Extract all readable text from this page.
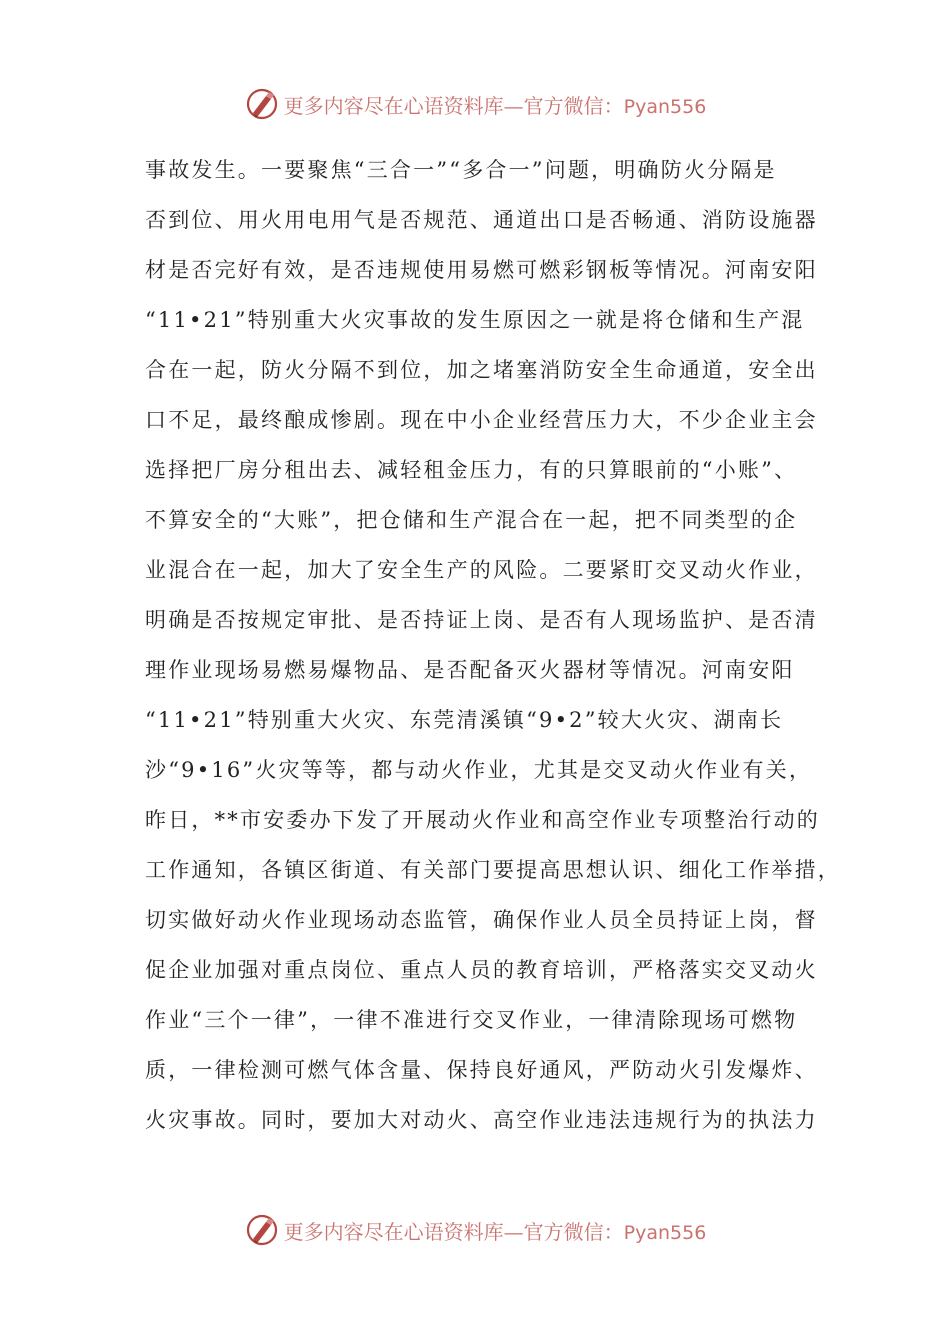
更多内容尽在心语资料库—官方微信：Pyan556
事故发生。一要聚焦“三合一”“多合一”问题，明确防火分隔是
否到位、用火用电用气是否规范、通道出口是否畅通、消防设施器
材是否完好有效，是否违规使用易燃可燃彩钢板等情况。河南安阳
“11•21”特别重大火灾事故的发生原因之一就是将仓储和生产混
合在一起，防火分隔不到位，加之堵塞消防安全生命通道，安全出
口不足，最终酿成惨剧。现在中小企业经营压力大，不少企业主会
选择把厂房分租出去、减轻租金压力，有的只算眼前的“小账”、
不算安全的“大账”，把仓储和生产混合在一起，把不同类型的企
业混合在一起，加大了安全生产的风险。二要紧盯交叉动火作业，
明确是否按规定审批、是否持证上岗、是否有人现场监护、是否清
理作业现场易燃易爆物品、是否配备灭火器材等情况。河南安阳
“11•21”特别重大火灾、东莞清溪镇“9•2”较大火灾、湖南长
沙“9•16”火灾等等，都与动火作业，尤其是交叉动火作业有关，
昨日，**市安委办下发了开展动火作业和高空作业专项整治行动的
工作通知，各镇区街道、有关部门要提高思想认识、细化工作举措，
切实做好动火作业现场动态监管，确保作业人员全员持证上岗，督
促企业加强对重点岗位、重点人员的教育培训，严格落实交叉动火
作业“三个一律”，一律不准进行交叉作业，一律清除现场可燃物
质，一律检测可燃气体含量、保持良好通风，严防动火引发爆炸、
火灾事故。同时，要加大对动火、高空作业违法违规行为的执法力
更多内容尽在心语资料库—官方微信：Pyan556
